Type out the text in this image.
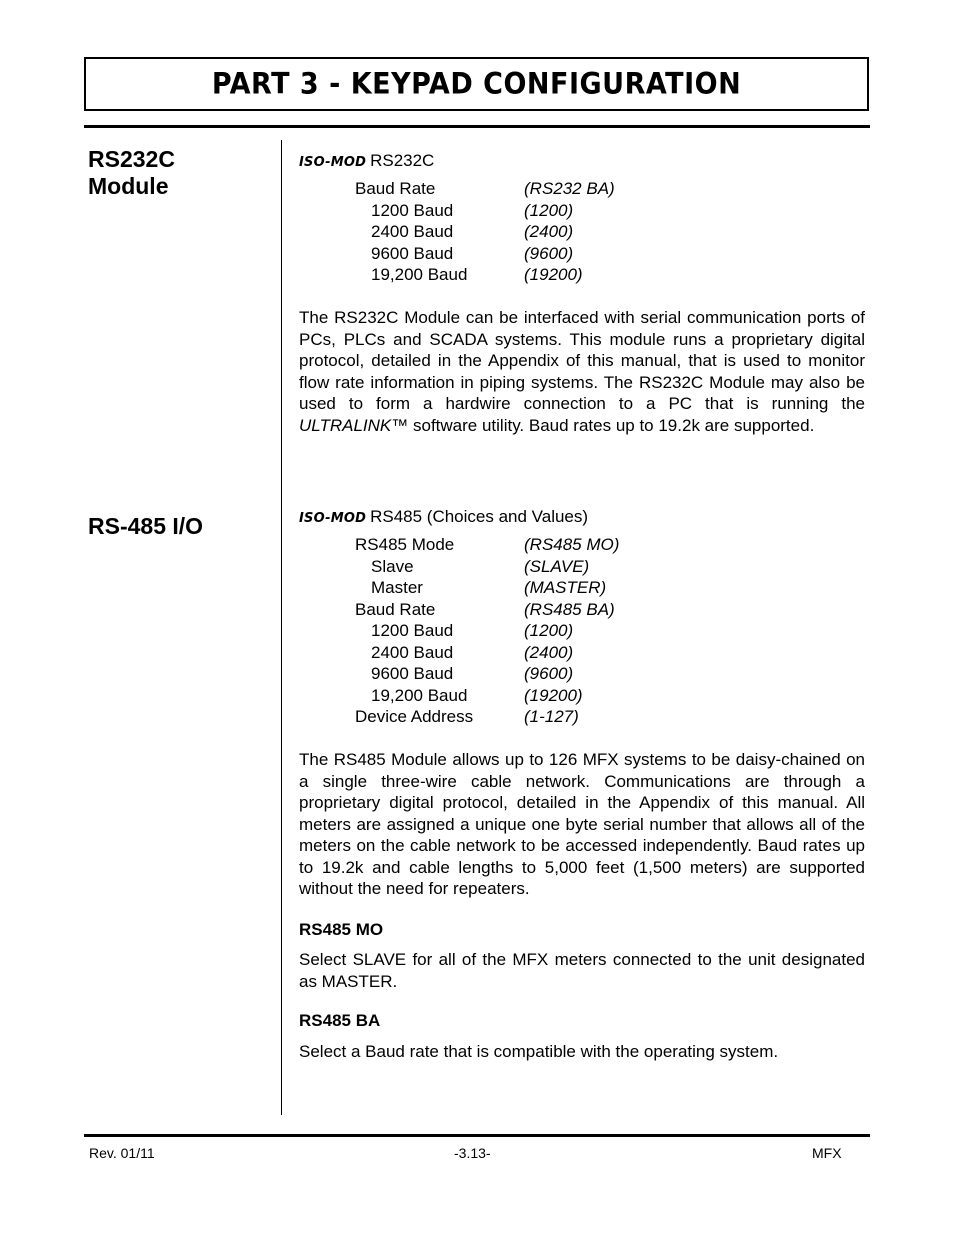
PART 3 - KEYPAD CONFIGURATION
RS232C
Module
ISO-MOD RS232C
Baud Rate	(RS232 BA)
1200 Baud	(1200)
2400 Baud	(2400)
9600 Baud	(9600)
19,200 Baud	(19200)

The RS232C Module can be interfaced with serial communication ports of PCs, PLCs and SCADA systems. This module runs a proprietary digital protocol, detailed in the Appendix of this manual, that is used to monitor flow rate information in piping systems. The RS232C Module may also be used to form a hardwire connection to a PC that is running the ULTRALINK™ software utility. Baud rates up to 19.2k are supported.

RS-485 I/O	ISO-MOD RS485 (Choices and Values)
RS485 Mode	(RS485 MO)
Slave	(SLAVE)
Master	(MASTER)
Baud Rate	(RS485 BA)
1200 Baud	(1200)
2400 Baud	(2400)
9600 Baud	(9600)
19,200 Baud	(19200)
Device Address	(1-127)

The RS485 Module allows up to 126 MFX systems to be daisy-chained on a single three-wire cable network. Communications are through a proprietary digital protocol, detailed in the Appendix of this manual. All meters are assigned a unique one byte serial number that allows all of the meters on the cable network to be accessed independently. Baud rates up to 19.2k and cable lengths to 5,000 feet (1,500 meters) are supported without the need for repeaters.

RS485 MO

Select SLAVE for all of the MFX meters connected to the unit designated as MASTER.

RS485 BA

Select a Baud rate that is compatible with the operating system.

Rev. 01/11	-3.13-	MFX
